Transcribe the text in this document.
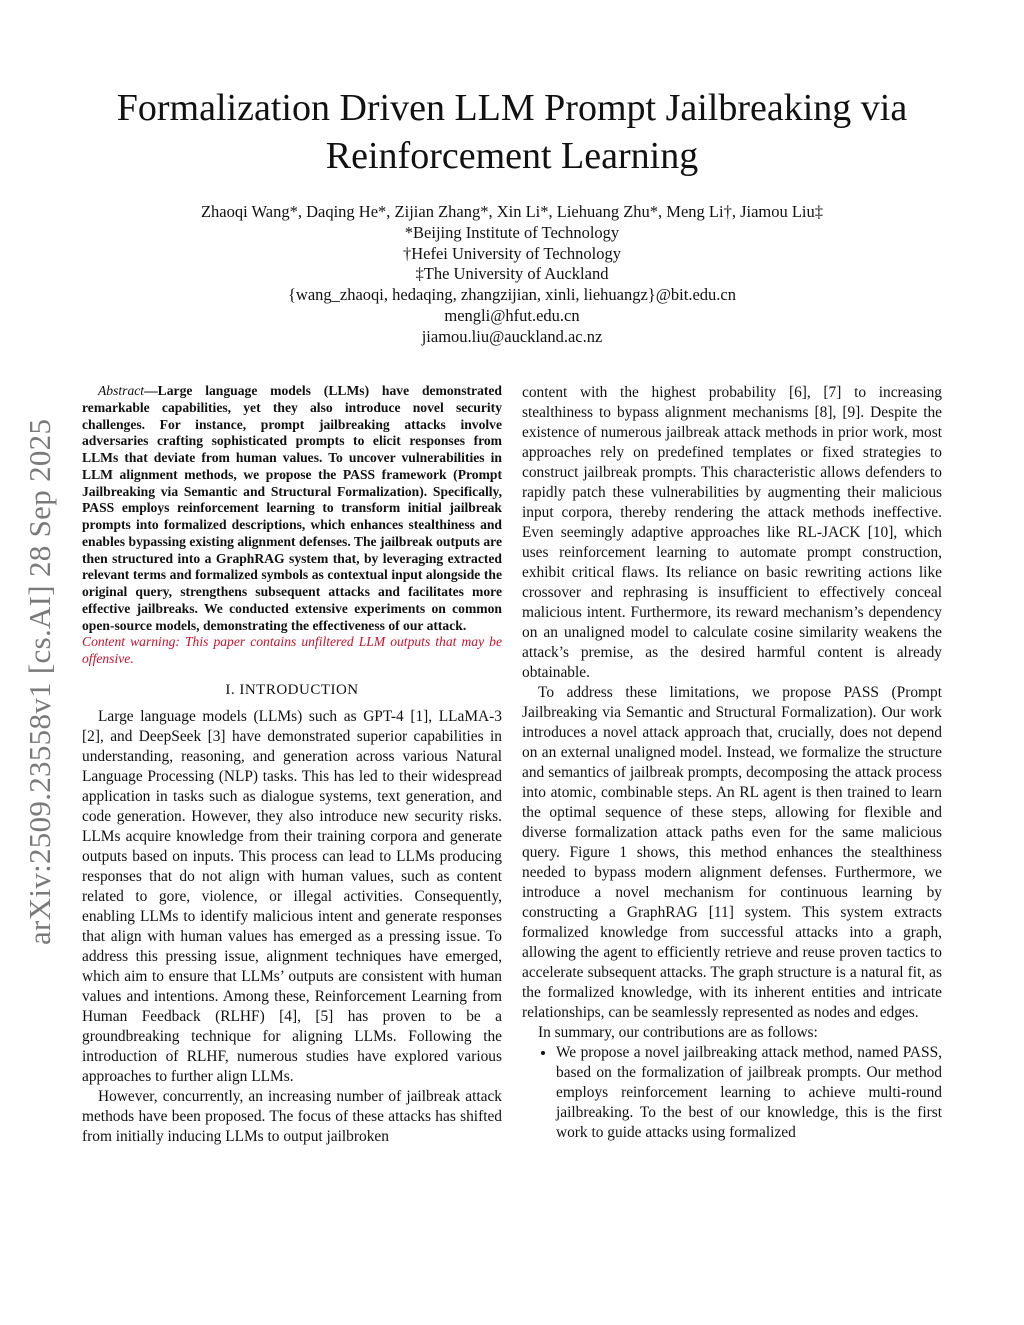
Formalization Driven LLM Prompt Jailbreaking via Reinforcement Learning
Zhaoqi Wang*, Daqing He*, Zijian Zhang*, Xin Li*, Liehuang Zhu*, Meng Li†, Jiamou Liu‡
*Beijing Institute of Technology
†Hefei University of Technology
‡The University of Auckland
{wang_zhaoqi, hedaqing, zhangzijian, xinli, liehuangz}@bit.edu.cn
mengli@hfut.edu.cn
jiamou.liu@auckland.ac.nz
arXiv:2509.23558v1 [cs.AI] 28 Sep 2025

Abstract—Large language models (LLMs) have demonstrated remarkable capabilities, yet they also introduce novel security challenges. For instance, prompt jailbreaking attacks involve adversaries crafting sophisticated prompts to elicit responses from LLMs that deviate from human values. To uncover vulnerabilities in LLM alignment methods, we propose the PASS framework (Prompt Jailbreaking via Semantic and Structural Formalization). Specifically, PASS employs reinforcement learning to transform initial jailbreak prompts into formalized descriptions, which enhances stealthiness and enables bypassing existing alignment defenses. The jailbreak outputs are then structured into a GraphRAG system that, by leveraging extracted relevant terms and formalized symbols as contextual input alongside the original query, strengthens subsequent attacks and facilitates more effective jailbreaks. We conducted extensive experiments on common open-source models, demonstrating the effectiveness of our attack.

Content warning: This paper contains unfiltered LLM outputs that may be offensive.

I. INTRODUCTION

Large language models (LLMs) such as GPT-4 [1], LLaMA-3 [2], and DeepSeek [3] have demonstrated superior capabilities in understanding, reasoning, and generation across various Natural Language Processing (NLP) tasks. This has led to their widespread application in tasks such as dialogue systems, text generation, and code generation. However, they also introduce new security risks. LLMs acquire knowledge from their training corpora and generate outputs based on inputs. This process can lead to LLMs producing responses that do not align with human values, such as content related to gore, violence, or illegal activities. Consequently, enabling LLMs to identify malicious intent and generate responses that align with human values has emerged as a pressing issue. To address this pressing issue, alignment techniques have emerged, which aim to ensure that LLMs’ outputs are consistent with human values and intentions. Among these, Reinforcement Learning from Human Feedback (RLHF) [4], [5] has proven to be a groundbreaking technique for aligning LLMs. Following the introduction of RLHF, numerous studies have explored various approaches to further align LLMs.

However, concurrently, an increasing number of jailbreak attack methods have been proposed. The focus of these attacks has shifted from initially inducing LLMs to output jailbroken

content with the highest probability [6], [7] to increasing stealthiness to bypass alignment mechanisms [8], [9]. Despite the existence of numerous jailbreak attack methods in prior work, most approaches rely on predefined templates or fixed strategies to construct jailbreak prompts. This characteristic allows defenders to rapidly patch these vulnerabilities by augmenting their malicious input corpora, thereby rendering the attack methods ineffective. Even seemingly adaptive approaches like RL-JACK [10], which uses reinforcement learning to automate prompt construction, exhibit critical flaws. Its reliance on basic rewriting actions like crossover and rephrasing is insufficient to effectively conceal malicious intent. Furthermore, its reward mechanism’s dependency on an unaligned model to calculate cosine similarity weakens the attack’s premise, as the desired harmful content is already obtainable.

To address these limitations, we propose PASS (Prompt Jailbreaking via Semantic and Structural Formalization). Our work introduces a novel attack approach that, crucially, does not depend on an external unaligned model. Instead, we formalize the structure and semantics of jailbreak prompts, decomposing the attack process into atomic, combinable steps. An RL agent is then trained to learn the optimal sequence of these steps, allowing for flexible and diverse formalization attack paths even for the same malicious query. Figure 1 shows, this method enhances the stealthiness needed to bypass modern alignment defenses. Furthermore, we introduce a novel mechanism for continuous learning by constructing a GraphRAG [11] system. This system extracts formalized knowledge from successful attacks into a graph, allowing the agent to efficiently retrieve and reuse proven tactics to accelerate subsequent attacks. The graph structure is a natural fit, as the formalized knowledge, with its inherent entities and intricate relationships, can be seamlessly represented as nodes and edges.

In summary, our contributions are as follows:

• We propose a novel jailbreaking attack method, named PASS, based on the formalization of jailbreak prompts. Our method employs reinforcement learning to achieve multi-round jailbreaking. To the best of our knowledge, this is the first work to guide attacks using formalized
